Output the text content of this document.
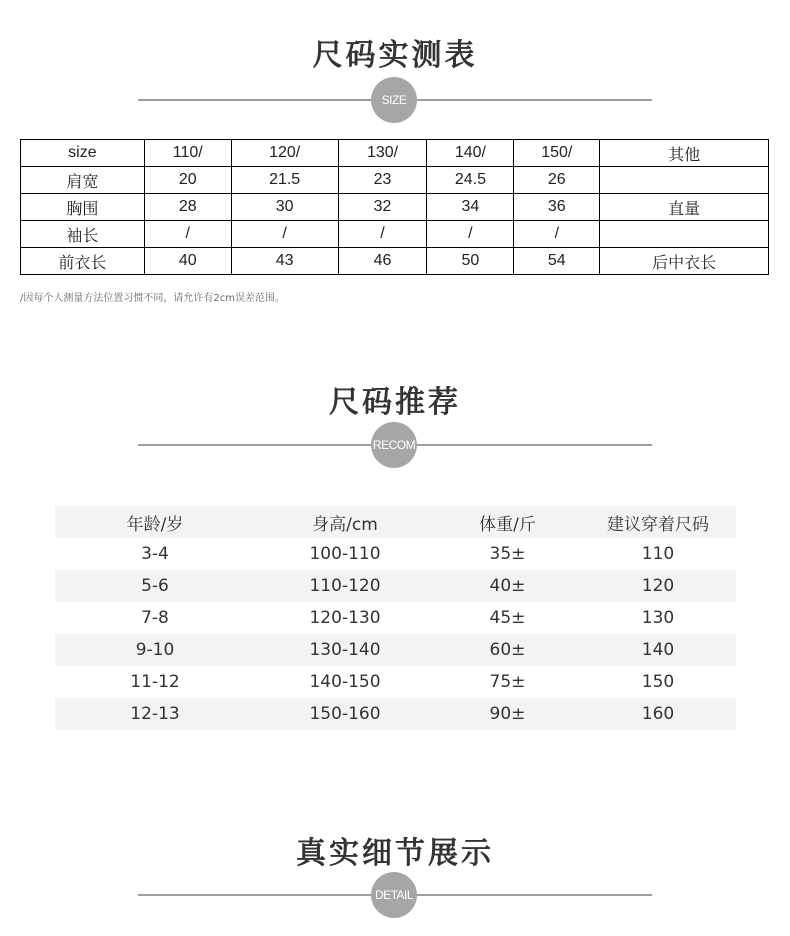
尺码实测表
SIZE
size	110/	120/	130/	140/	150/	其他
肩宽	20	21.5	23	24.5	26	
胸围	28	30	32	34	36	直量
袖长	/	/	/	/	/	
前衣长	40	43	46	50	54	后中衣长
/因每个人测量方法位置习惯不同，请允许有2cm误差范围。
尺码推荐
RECOM
年龄/岁	身高/cm	体重/斤	建议穿着尺码
3-4	100-110	35±	110
5-6	110-120	40±	120
7-8	120-130	45±	130
9-10	130-140	60±	140
11-12	140-150	75±	150
12-13	150-160	90±	160
真实细节展示
DETAIL
